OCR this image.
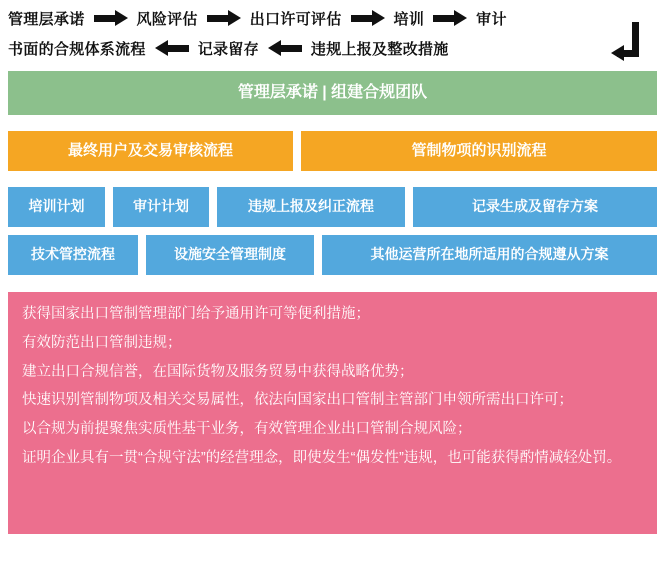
管理层承诺	风险评估	出口许可评估	培训	审计
书面的合规体系流程	记录留存	违规上报及整改措施
管理层承诺 | 组建合规团队
最终用户及交易审核流程	管制物项的识别流程
培训计划	审计计划	违规上报及纠正流程	记录生成及留存方案
技术管控流程	设施安全管理制度	其他运营所在地所适用的合规遵从方案

获得国家出口管制管理部门给予通用许可等便利措施；

有效防范出口管制违规；

建立出口合规信誉，在国际货物及服务贸易中获得战略优势；

快速识别管制物项及相关交易属性，依法向国家出口管制主管部门申领所需出口许可；

以合规为前提聚焦实质性基干业务，有效管理企业出口管制合规风险；

证明企业具有一贯“合规守法”的经营理念，即使发生“偶发性”违规，也可能获得酌情减轻处罚。
